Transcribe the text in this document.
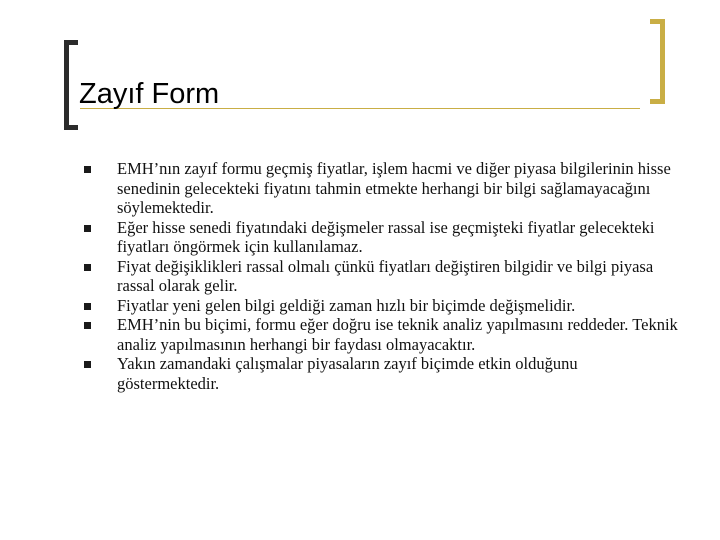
Zayıf Form
EMH’nın zayıf formu geçmiş fiyatlar, işlem hacmi ve diğer piyasa bilgilerinin hisse senedinin gelecekteki fiyatını tahmin etmekte herhangi bir bilgi sağlamayacağını söylemektedir.
Eğer hisse senedi fiyatındaki değişmeler rassal ise geçmişteki fiyatlar gelecekteki fiyatları öngörmek için kullanılamaz.
Fiyat değişiklikleri rassal olmalı çünkü fiyatları değiştiren bilgidir ve bilgi piyasa rassal olarak gelir.
Fiyatlar yeni gelen bilgi geldiği zaman hızlı bir biçimde değişmelidir.
EMH’nin bu biçimi, formu eğer doğru ise teknik analiz yapılmasını reddeder. Teknik analiz yapılmasının herhangi bir faydası olmayacaktır.
Yakın zamandaki çalışmalar piyasaların zayıf biçimde etkin olduğunu göstermektedir.
